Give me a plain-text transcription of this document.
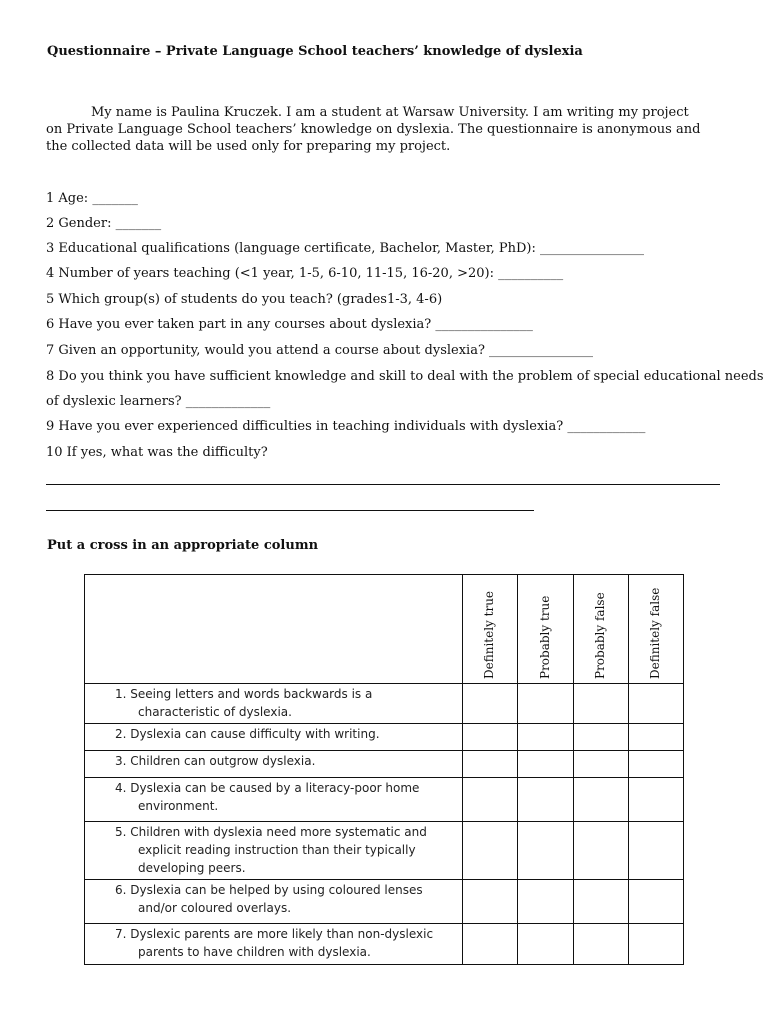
Questionnaire – Private Language School teachers’ knowledge of dyslexia
My name is Paulina Kruczek. I am a student at Warsaw University. I am writing my project on Private Language School teachers’ knowledge on dyslexia. The questionnaire is anonymous and the collected data will be used only for preparing my project.
1 Age: _______
2 Gender: _______
3 Educational qualifications (language certificate, Bachelor, Master, PhD): ________________
4 Number of years teaching (<1 year, 1-5, 6-10, 11-15, 16-20, >20): __________
5 Which group(s) of students do you teach? (grades1-3, 4-6)
6 Have you ever taken part in any courses about dyslexia? _______________
7 Given an opportunity, would you attend a course about dyslexia? ________________
8 Do you think you have sufficient knowledge and skill to deal with the problem of special educational needs
of dyslexic learners? _____________
9 Have you ever experienced difficulties in teaching individuals with dyslexia? ____________
10 If yes, what was the difficulty?
Put a cross in an appropriate column

	Definitely true	Probably true	Probably false	Definitely false

1. Seeing letters and words backwards is a
characteristic of dyslexia.				

2. Dyslexia can cause difficulty with writing.				
3. Children can outgrow dyslexia.				
4. Dyslexia can be caused by a literacy-poor home
environment.				

5. Children with dyslexia need more systematic and
explicit reading instruction than their typically
developing peers.				

6. Dyslexia can be helped by using coloured lenses
and/or coloured overlays.				

7. Dyslexic parents are more likely than non-dyslexic
parents to have children with dyslexia.				
